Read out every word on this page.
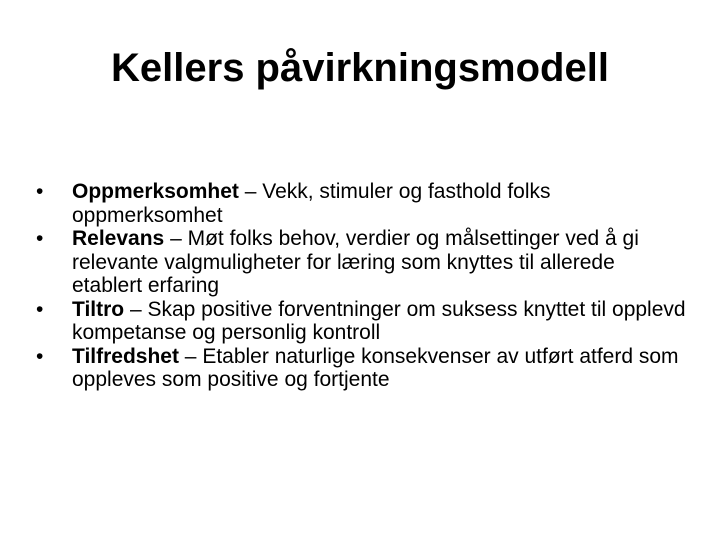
Kellers påvirkningsmodell
•	Oppmerksomhet – Vekk, stimuler og fasthold folks oppmerksomhet
•	Relevans – Møt folks behov, verdier og målsettinger ved å gi relevante valgmuligheter for læring som knyttes til allerede etablert erfaring
•	Tiltro – Skap positive forventninger om suksess knyttet til opplevd kompetanse og personlig kontroll
•	Tilfredshet – Etabler naturlige konsekvenser av utført atferd som oppleves som positive og fortjente
